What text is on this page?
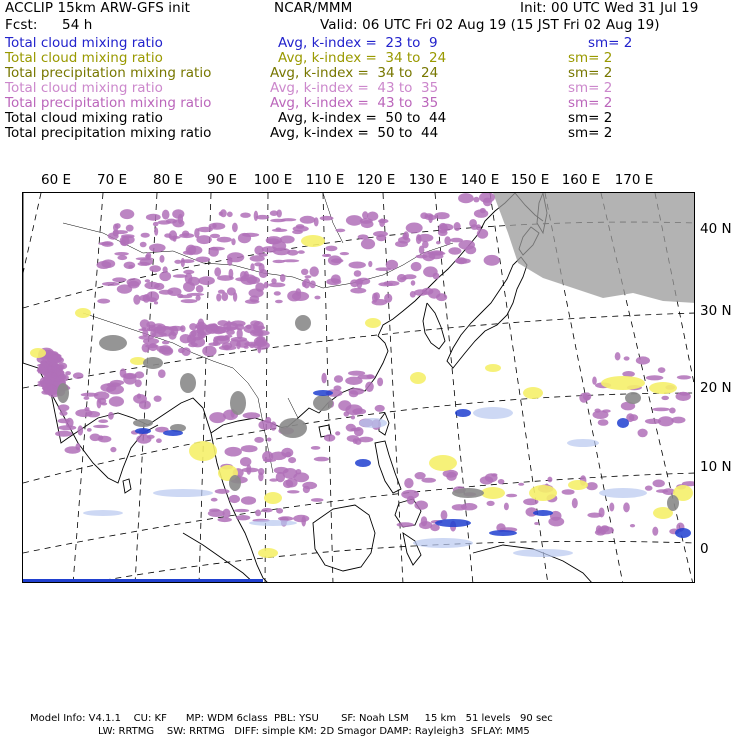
ACCLIP 15km ARW-GFS init	NCAR/MMM	Init: 00 UTC Wed 31 Jul 19
Fcst: 54 h	Valid: 06 UTC Fri 02 Aug 19 (15 JST Fri 02 Aug 19)
Total cloud mixing ratio	Avg, k-index =  23 to  9	sm= 2
Total cloud mixing ratio	Avg, k-index =  34 to  24	sm= 2
Total precipitation mixing ratio	Avg, k-index =  34 to  24	sm= 2
Total cloud mixing ratio	Avg, k-index =  43 to  35	sm= 2
Total precipitation mixing ratio	Avg, k-index =  43 to  35	sm= 2
Total cloud mixing ratio	Avg, k-index =  50 to  44	sm= 2
Total precipitation mixing ratio	Avg, k-index =  50 to  44	sm= 2
60 E 70 E 80 E 90 E 100 E 110 E 120 E 130 E 140 E 150 E 160 E 170 E
40 N
30 N
20 N
10 N
0
Model Info: V4.1.1    CU: KF      MP: WDM 6class  PBL: YSU       SF: Noah LSM     15 km   51 levels   90 sec
LW: RRTMG    SW: RRTMG   DIFF: simple KM: 2D Smagor DAMP: Rayleigh3  SFLAY: MM5
